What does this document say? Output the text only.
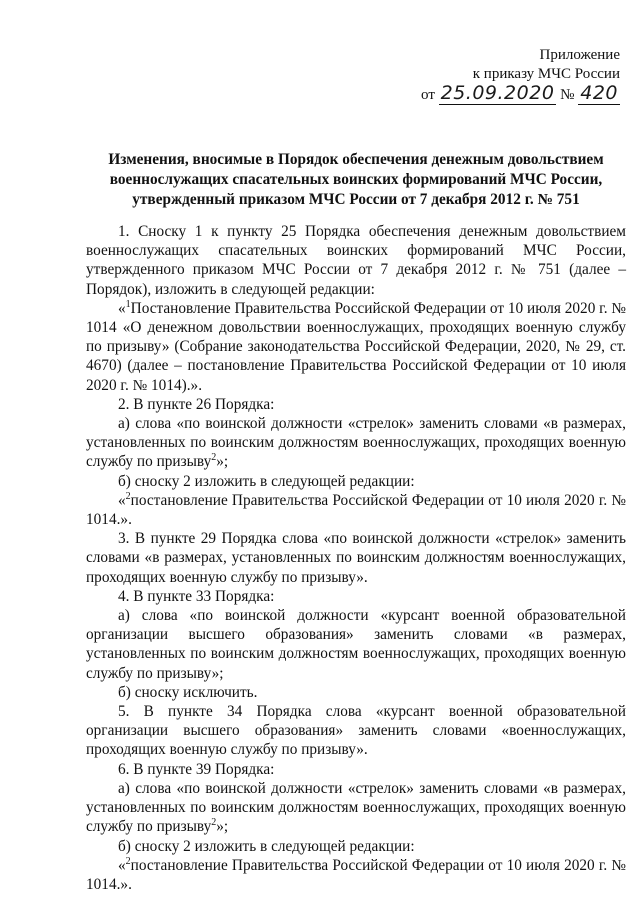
Приложение
к приказу МЧС России
от 25.09.2020 № 420
Изменения, вносимые в Порядок обеспечения денежным довольствием
военнослужащих спасательных воинских формирований МЧС России,
утвержденный приказом МЧС России от 7 декабря 2012 г. № 751

1. Сноску 1 к пункту 25 Порядка обеспечения денежным довольствием военнослужащих спасательных воинских формирований МЧС России, утвержденного приказом МЧС России от 7 декабря 2012 г. № 751 (далее – Порядок), изложить в следующей редакции:

«$^1$Постановление Правительства Российской Федерации от 10 июля 2020 г. № 1014 «О денежном довольствии военнослужащих, проходящих военную службу по призыву» (Собрание законодательства Российской Федерации, 2020, № 29, ст. 4670) (далее – постановление Правительства Российской Федерации от 10 июля 2020 г. № 1014).».

2. В пункте 26 Порядка:

а) слова «по воинской должности «стрелок» заменить словами «в размерах, установленных по воинским должностям военнослужащих, проходящих военную службу по призыву$^2$»;

б) сноску 2 изложить в следующей редакции:

«$^2$постановление Правительства Российской Федерации от 10 июля 2020 г. № 1014.».

3. В пункте 29 Порядка слова «по воинской должности «стрелок» заменить словами «в размерах, установленных по воинским должностям военнослужащих, проходящих военную службу по призыву».

4. В пункте 33 Порядка:

а) слова «по воинской должности «курсант военной образовательной организации высшего образования» заменить словами «в размерах, установленных по воинским должностям военнослужащих, проходящих военную службу по призыву»;

б) сноску исключить.

5. В пункте 34 Порядка слова «курсант военной образовательной организации высшего образования» заменить словами «военнослужащих, проходящих военную службу по призыву».

6. В пункте 39 Порядка:

а) слова «по воинской должности «стрелок» заменить словами «в размерах, установленных по воинским должностям военнослужащих, проходящих военную службу по призыву$^2$»;

б) сноску 2 изложить в следующей редакции:

«$^2$постановление Правительства Российской Федерации от 10 июля 2020 г. № 1014.».
